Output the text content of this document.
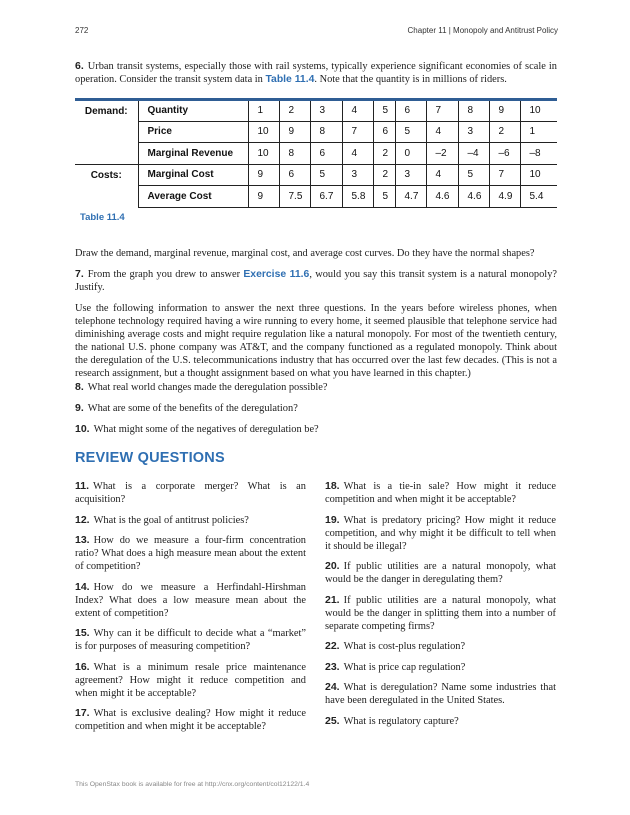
272	Chapter 11 | Monopoly and Antitrust Policy

6. Urban transit systems, especially those with rail systems, typically experience significant economies of scale in operation. Consider the transit system data in Table 11.4. Note that the quantity is in millions of riders.

Demand:	Quantity	1	2	3	4	5	6	7	8	9	10
	Price	10	9	8	7	6	5	4	3	2	1
	Marginal Revenue	10	8	6	4	2	0	–2	–4	–6	–8
Costs:	Marginal Cost	9	6	5	3	2	3	4	5	7	10
	Average Cost	9	7.5	6.7	5.8	5	4.7	4.6	4.6	4.9	5.4
Table 11.4

Draw the demand, marginal revenue, marginal cost, and average cost curves. Do they have the normal shapes?

7. From the graph you drew to answer Exercise 11.6, would you say this transit system is a natural monopoly? Justify.

Use the following information to answer the next three questions. In the years before wireless phones, when telephone technology required having a wire running to every home, it seemed plausible that telephone service had diminishing average costs and might require regulation like a natural monopoly. For most of the twentieth century, the national U.S. phone company was AT&T, and the company functioned as a regulated monopoly. Think about the deregulation of the U.S. telecommunications industry that has occurred over the last few decades. (This is not a research assignment, but a thought assignment based on what you have learned in this chapter.)

8. What real world changes made the deregulation possible?

9. What are some of the benefits of the deregulation?

10. What might some of the negatives of deregulation be?

REVIEW QUESTIONS

11. What is a corporate merger? What is an acquisition?

12. What is the goal of antitrust policies?

13. How do we measure a four-firm concentration ratio? What does a high measure mean about the extent of competition?

14. How do we measure a Herfindahl-Hirshman Index? What does a low measure mean about the extent of competition?

15. Why can it be difficult to decide what a “market” is for purposes of measuring competition?

16. What is a minimum resale price maintenance agreement? How might it reduce competition and when might it be acceptable?

17. What is exclusive dealing? How might it reduce competition and when might it be acceptable?

18. What is a tie-in sale? How might it reduce competition and when might it be acceptable?

19. What is predatory pricing? How might it reduce competition, and why might it be difficult to tell when it should be illegal?

20. If public utilities are a natural monopoly, what would be the danger in deregulating them?

21. If public utilities are a natural monopoly, what would be the danger in splitting them into a number of separate competing firms?

22. What is cost-plus regulation?

23. What is price cap regulation?

24. What is deregulation? Name some industries that have been deregulated in the United States.

25. What is regulatory capture?

This OpenStax book is available for free at http://cnx.org/content/col12122/1.4
